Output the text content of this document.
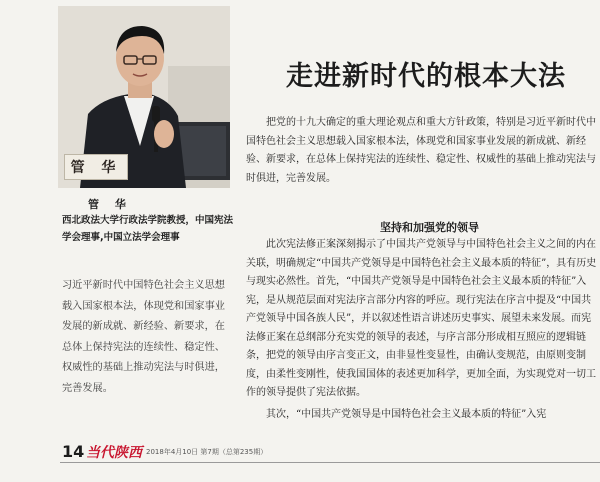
管 华
管 华
西北政法大学行政法学院教授，中国宪法学会理事,中国立法学会理事
走进新时代的根本大法

习近平新时代中国特色社会主义思想载入国家根本法，体现党和国家事业发展的新成就、新经验、新要求，在总体上保持宪法的连续性、稳定性、权威性的基础上推动宪法与时俱进，完善发展。

把党的十九大确定的重大理论观点和重大方针政策，特别是习近平新时代中国特色社会主义思想载入国家根本法，体现党和国家事业发展的新成就、新经验、新要求，在总体上保持宪法的连续性、稳定性、权威性的基础上推动宪法与时俱进，完善发展。

坚持和加强党的领导

此次宪法修正案深刻揭示了中国共产党领导与中国特色社会主义之间的内在关联，明确规定“中国共产党领导是中国特色社会主义最本质的特征”，具有历史与现实必然性。首先，“中国共产党领导是中国特色社会主义最本质的特征”入宪，是从规范层面对宪法序言部分内容的呼应。现行宪法在序言中提及“中国共产党领导中国各族人民”，并以叙述性语言讲述历史事实、展望未来发展。而宪法修正案在总纲部分充实党的领导的表述，与序言部分形成相互照应的逻辑链条，把党的领导由序言变正文，由非显性变显性，由确认变规范，由原则变制度，由柔性变刚性，使我国国体的表述更加科学，更加全面，为实现党对一切工作的领导提供了宪法依据。

其次，“中国共产党领导是中国特色社会主义最本质的特征”入宪

14 当代陕西 2018年4月10日 第7期（总第235期）
